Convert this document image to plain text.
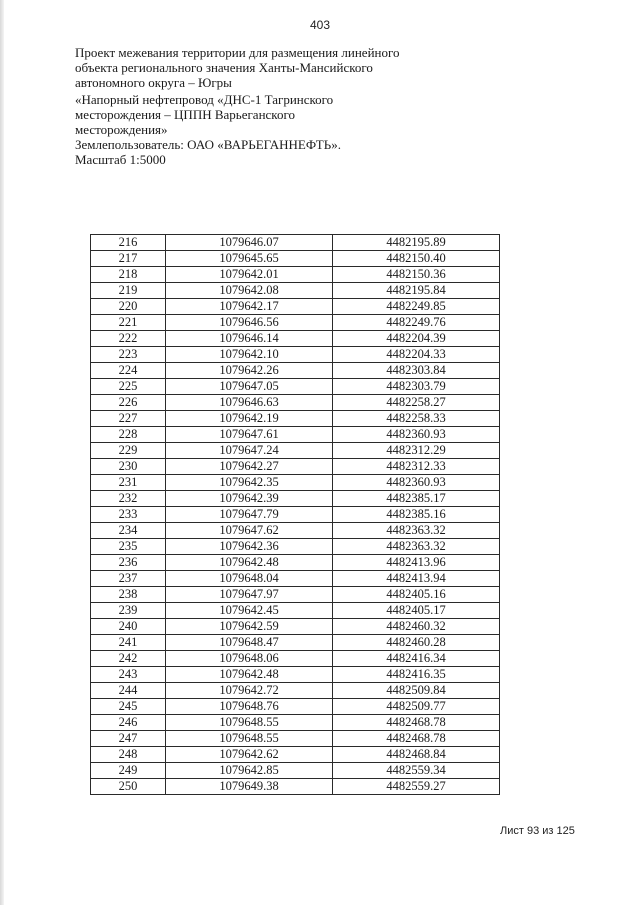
403

Проект межевания территории для размещения линейного

объекта регионального значения Ханты-Мансийского

автономного округа – Югры

«Напорный нефтепровод «ДНС-1 Тагринского

месторождения – ЦППН Варьеганского

месторождения»

Землепользователь: ОАО «ВАРЬЕГАННЕФТЬ».

Масштаб 1:5000

216	1079646.07	4482195.89
217	1079645.65	4482150.40
218	1079642.01	4482150.36
219	1079642.08	4482195.84
220	1079642.17	4482249.85
221	1079646.56	4482249.76
222	1079646.14	4482204.39
223	1079642.10	4482204.33
224	1079642.26	4482303.84
225	1079647.05	4482303.79
226	1079646.63	4482258.27
227	1079642.19	4482258.33
228	1079647.61	4482360.93
229	1079647.24	4482312.29
230	1079642.27	4482312.33
231	1079642.35	4482360.93
232	1079642.39	4482385.17
233	1079647.79	4482385.16
234	1079647.62	4482363.32
235	1079642.36	4482363.32
236	1079642.48	4482413.96
237	1079648.04	4482413.94
238	1079647.97	4482405.16
239	1079642.45	4482405.17
240	1079642.59	4482460.32
241	1079648.47	4482460.28
242	1079648.06	4482416.34
243	1079642.48	4482416.35
244	1079642.72	4482509.84
245	1079648.76	4482509.77
246	1079648.55	4482468.78
247	1079648.55	4482468.78
248	1079642.62	4482468.84
249	1079642.85	4482559.34
250	1079649.38	4482559.27
Лист 93 из 125
